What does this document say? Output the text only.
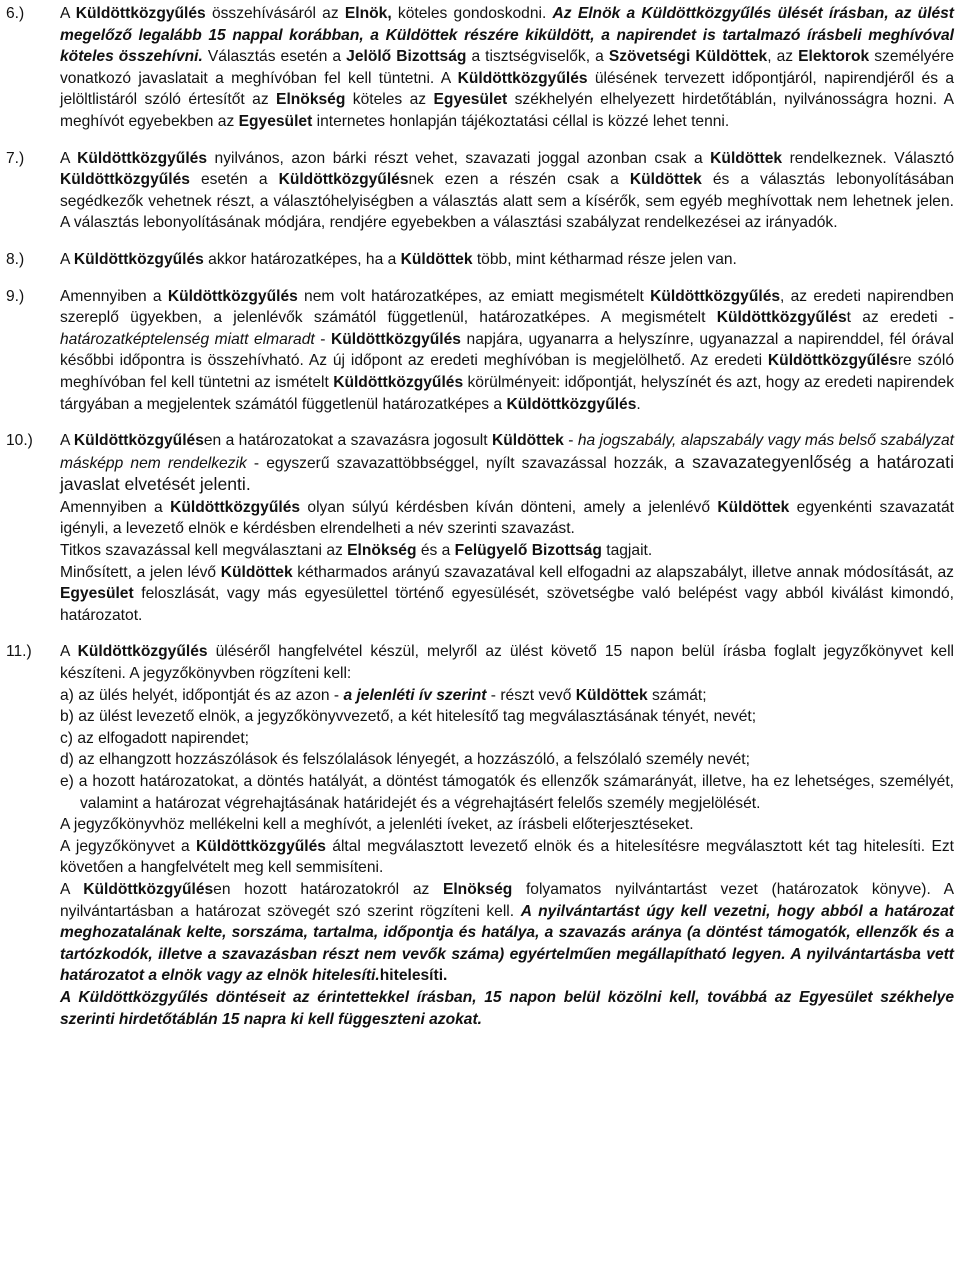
6.) A Küldöttközgyűlés összehívásáról az Elnök, köteles gondoskodni. Az Elnök a Küldöttközgyűlés ülését írásban, az ülést megelőző legalább 15 nappal korábban, a Küldöttek részére kiküldött, a napirendet is tartalmazó írásbeli meghívóval köteles összehívni. Választás esetén a Jelölő Bizottság a tisztségviselők, a Szövetségi Küldöttek, az Elektorok személyére vonatkozó javaslatait a meghívóban fel kell tüntetni. A Küldöttközgyűlés ülésének tervezett időpontjáról, napirendjéről és a jelöltlistáról szóló értesítőt az Elnökség köteles az Egyesület székhelyén elhelyezett hirdetőtáblán, nyilvánosságra hozni. A meghívót egyebekben az Egyesület internetes honlapján tájékoztatási céllal is közzé lehet tenni.

7.) A Küldöttközgyűlés nyilvános, azon bárki részt vehet, szavazati joggal azonban csak a Küldöttek rendelkeznek. Választó Küldöttközgyűlés esetén a Küldöttközgyűlésnek ezen a részén csak a Küldöttek és a választás lebonyolításában segédkezők vehetnek részt, a választóhelyiségben a választás alatt sem a kísérők, sem egyéb meghívottak nem lehetnek jelen. A választás lebonyolításának módjára, rendjére egyebekben a választási szabályzat rendelkezései az irányadók.

8.) A Küldöttközgyűlés akkor határozatképes, ha a Küldöttek több, mint kétharmad része jelen van.

9.) Amennyiben a Küldöttközgyűlés nem volt határozatképes, az emiatt megismételt Küldöttközgyűlés, az eredeti napirendben szereplő ügyekben, a jelenlévők számától függetlenül, határozatképes. A megismételt Küldöttközgyűlést az eredeti - határozatképtelenség miatt elmaradt - Küldöttközgyűlés napjára, ugyanarra a helyszínre, ugyanazzal a napirenddel, fél órával későbbi időpontra is összehívható. Az új időpont az eredeti meghívóban is megjelölhető. Az eredeti Küldöttközgyűlésre szóló meghívóban fel kell tüntetni az ismételt Küldöttközgyűlés körülményeit: időpontját, helyszínét és azt, hogy az eredeti napirendek tárgyában a megjelentek számától függetlenül határozatképes a Küldöttközgyűlés.

10.) A Küldöttközgyűlésen a határozatokat a szavazásra jogosult Küldöttek - ha jogszabály, alapszabály vagy más belső szabályzat másképp nem rendelkezik - egyszerű szavazattöbbséggel, nyílt szavazással hozzák, a szavazategyenlőség a határozati javaslat elvetését jelenti.

Amennyiben a Küldöttközgyűlés olyan súlyú kérdésben kíván dönteni, amely a jelenlévő Küldöttek egyenkénti szavazatát igényli, a levezető elnök e kérdésben elrendelheti a név szerinti szavazást.

Titkos szavazással kell megválasztani az Elnökség és a Felügyelő Bizottság tagjait.

Minősített, a jelen lévő Küldöttek kétharmados arányú szavazatával kell elfogadni az alapszabályt, illetve annak módosítását, az Egyesület feloszlását, vagy más egyesülettel történő egyesülését, szövetségbe való belépést vagy abból kiválást kimondó, határozatot.

11.) A Küldöttközgyűlés üléséről hangfelvétel készül, melyről az ülést követő 15 napon belül írásba foglalt jegyzőkönyvet kell készíteni. A jegyzőkönyvben rögzíteni kell:

a) az ülés helyét, időpontját és az azon - a jelenléti ív szerint - részt vevő Küldöttek számát;

b) az ülést levezető elnök, a jegyzőkönyvvezető, a két hitelesítő tag megválasztásának tényét, nevét;

c) az elfogadott napirendet;

d) az elhangzott hozzászólások és felszólalások lényegét, a hozzászóló, a felszólaló személy nevét;

e) a hozott határozatokat, a döntés hatályát, a döntést támogatók és ellenzők számarányát, illetve, ha ez lehetséges, személyét, valamint a határozat végrehajtásának határidejét és a végrehajtásért felelős személy megjelölését.

A jegyzőkönyvhöz mellékelni kell a meghívót, a jelenléti íveket, az írásbeli előterjesztéseket.

A jegyzőkönyvet a Küldöttközgyűlés által megválasztott levezető elnök és a hitelesítésre megválasztott két tag hitelesíti. Ezt követően a hangfelvételt meg kell semmisíteni.

A Küldöttközgyűlésen hozott határozatokról az Elnökség folyamatos nyilvántartást vezet (határozatok könyve). A nyilvántartásban a határozat szövegét szó szerint rögzíteni kell. A nyilvántartást úgy kell vezetni, hogy abból a határozat meghozatalának kelte, sorszáma, tartalma, időpontja és hatálya, a szavazás aránya (a döntést támogatók, ellenzők és a tartózkodók, illetve a szavazásban részt nem vevők száma) egyértelműen megállapítható legyen. A nyilvántartásba vett határozatot a elnök vagy az elnök hitelesíti.hitelesíti.

A Küldöttközgyűlés döntéseit az érintettekkel írásban, 15 napon belül közölni kell, továbbá az Egyesület székhelye szerinti hirdetőtáblán 15 napra ki kell függeszteni azokat.
